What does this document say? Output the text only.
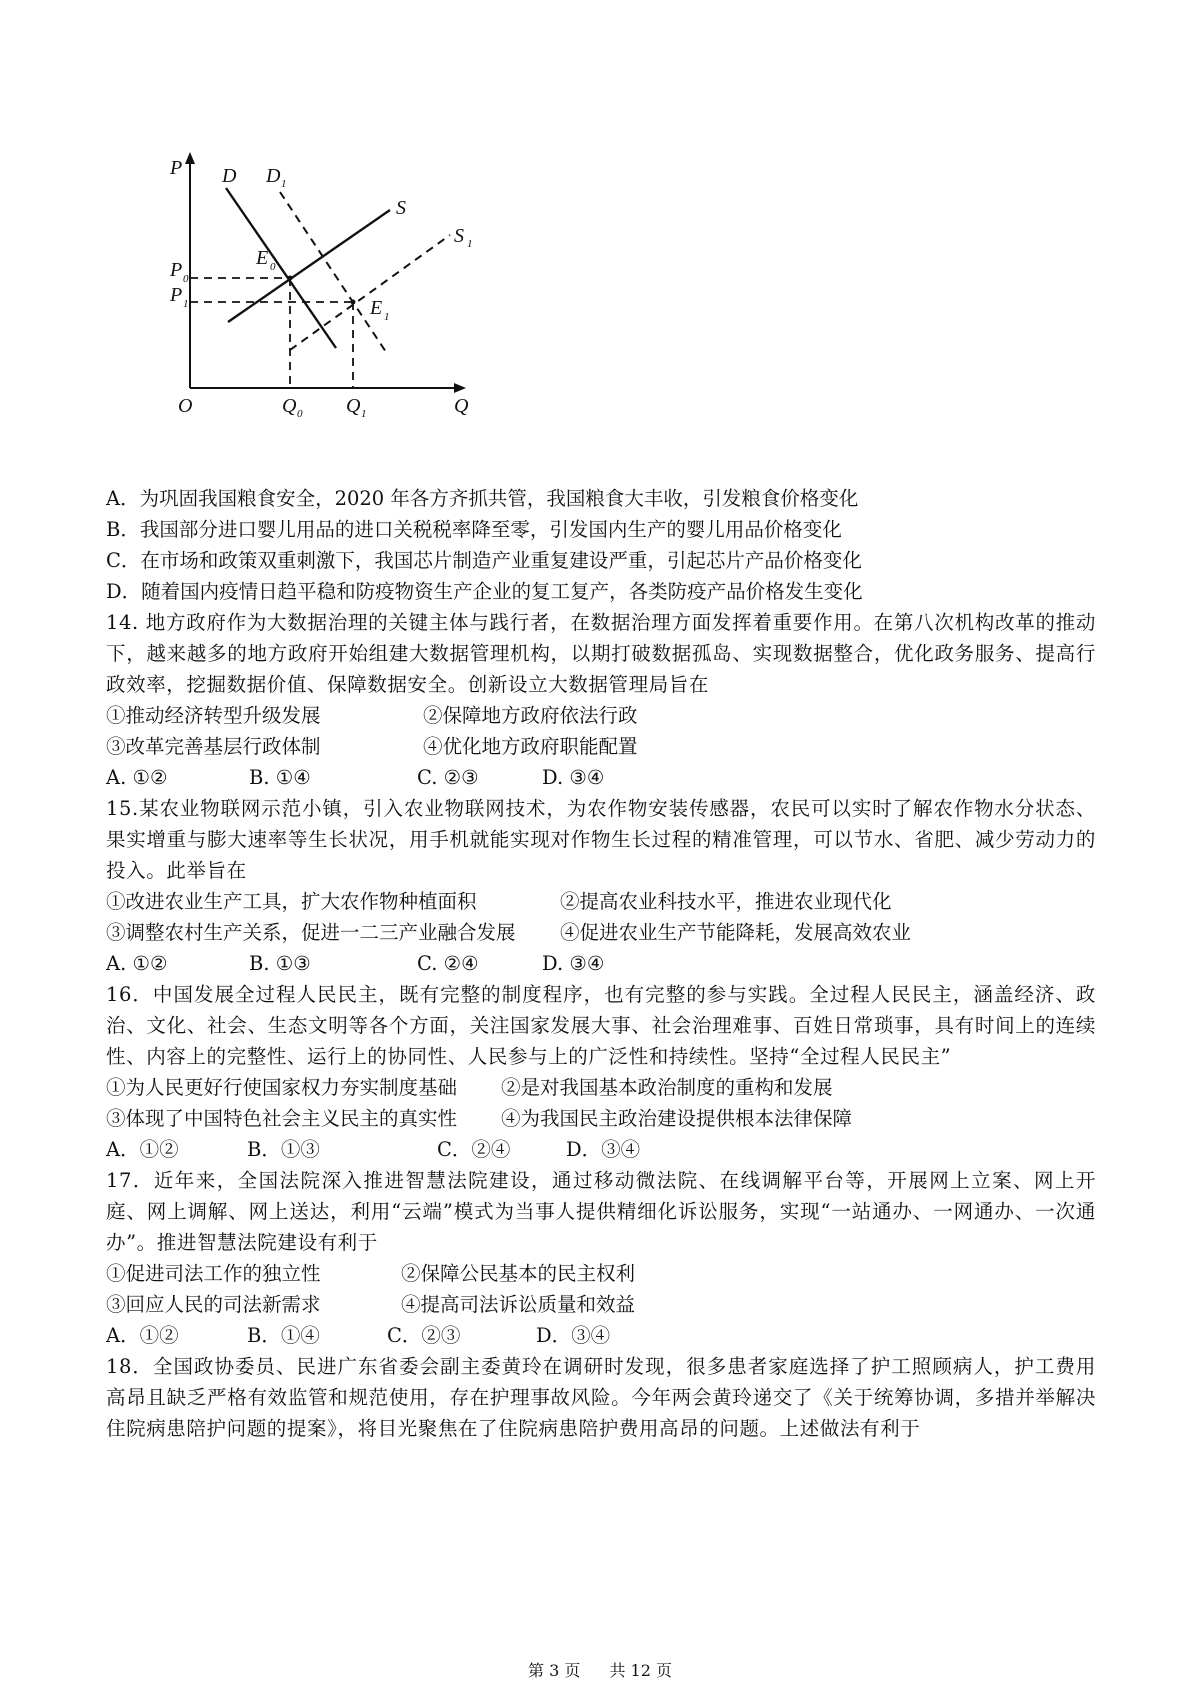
P
Q
O
D D 1
S
S 1
E 0
E 1
P 0
P 1
Q 0 Q 1
A．为巩固我国粮食安全，2020 年各方齐抓共管，我国粮食大丰收，引发粮食价格变化
B．我国部分进口婴儿用品的进口关税税率降至零，引发国内生产的婴儿用品价格变化
C．在市场和政策双重刺激下，我国芯片制造产业重复建设严重，引起芯片产品价格变化
D．随着国内疫情日趋平稳和防疫物资生产企业的复工复产，各类防疫产品价格发生变化
14. 地方政府作为大数据治理的关键主体与践行者，在数据治理方面发挥着重要作用。在第八次机构改革的推动下，越来越多的地方政府开始组建大数据管理机构，以期打破数据孤岛、实现数据整合，优化政务服务、提高行政效率，挖掘数据价值、保障数据安全。创新设立大数据管理局旨在
①推动经济转型升级发展	②保障地方政府依法行政
③改革完善基层行政体制	④优化地方政府职能配置
A. ①②	B. ①④	C. ②③	D. ③④
15.某农业物联网示范小镇，引入农业物联网技术，为农作物安装传感器，农民可以实时了解农作物水分状态、果实增重与膨大速率等生长状况，用手机就能实现对作物生长过程的精准管理，可以节水、省肥、减少劳动力的投入。此举旨在
①改进农业生产工具，扩大农作物种植面积	②提高农业科技水平，推进农业现代化
③调整农村生产关系，促进一二三产业融合发展	④促进农业生产节能降耗，发展高效农业
A. ①②	B. ①③	C. ②④	D. ③④
16．中国发展全过程人民民主，既有完整的制度程序，也有完整的参与实践。全过程人民民主，涵盖经济、政治、文化、社会、生态文明等各个方面，关注国家发展大事、社会治理难事、百姓日常琐事，具有时间上的连续性、内容上的完整性、运行上的协同性、人民参与上的广泛性和持续性。坚持“全过程人民民主”
①为人民更好行使国家权力夯实制度基础	②是对我国基本政治制度的重构和发展
③体现了中国特色社会主义民主的真实性	④为我国民主政治建设提供根本法律保障
A．①②	B．①③	C．②④	D．③④
17．近年来，全国法院深入推进智慧法院建设，通过移动微法院、在线调解平台等，开展网上立案、网上开庭、网上调解、网上送达，利用“云端”模式为当事人提供精细化诉讼服务，实现“一站通办、一网通办、一次通办”。推进智慧法院建设有利于
①促进司法工作的独立性	②保障公民基本的民主权利
③回应人民的司法新需求	④提高司法诉讼质量和效益
A．①②	B．①④	C．②③	D．③④
18．全国政协委员、民进广东省委会副主委黄玲在调研时发现，很多患者家庭选择了护工照顾病人，护工费用高昂且缺乏严格有效监管和规范使用，存在护理事故风险。今年两会黄玲递交了《关于统筹协调，多措并举解决住院病患陪护问题的提案》，将目光聚焦在了住院病患陪护费用高昂的问题。上述做法有利于
第 3 页 共 12 页
